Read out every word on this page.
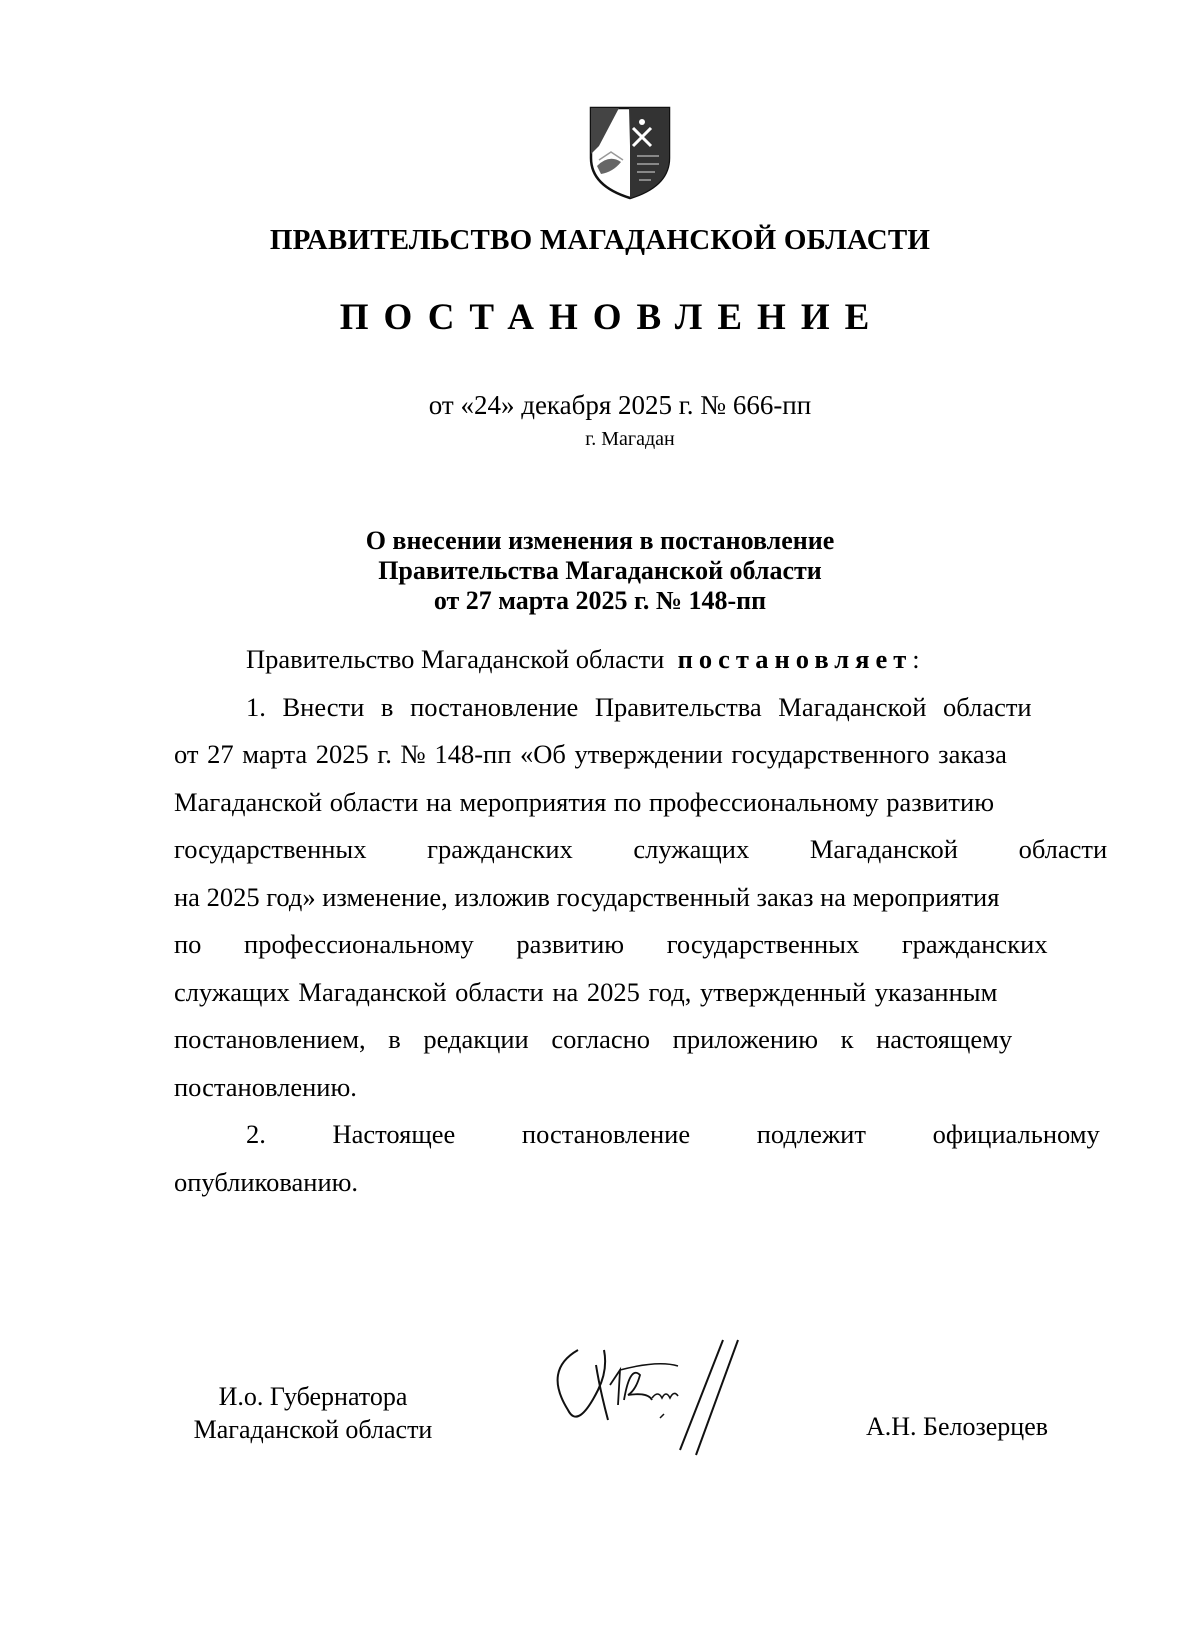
ПРАВИТЕЛЬСТВО МАГАДАНСКОЙ ОБЛАСТИ
ПОСТАНОВЛЕНИЕ
от «24» декабря 2025 г. № 666-пп
г. Магадан
О внесении изменения в постановление
Правительства Магаданской области
от 27 марта 2025 г. № 148-пп
Правительство Магаданской области
постановляет :
1. Внести в постановление Правительства Магаданской области
от 27 марта 2025 г. № 148-пп «Об утверждении государственного заказа
Магаданской области на мероприятия по профессиональному развитию
государственных гражданских служащих Магаданской области
на 2025 год» изменение, изложив государственный заказ на мероприятия
по профессиональному развитию государственных гражданских
служащих Магаданской области на 2025 год, утвержденный указанным
постановлением, в редакции согласно приложению к настоящему
постановлению.
2. Настоящее постановление подлежит официальному
опубликованию.
И.о. Губернатора
Магаданской области	А.Н. Белозерцев
